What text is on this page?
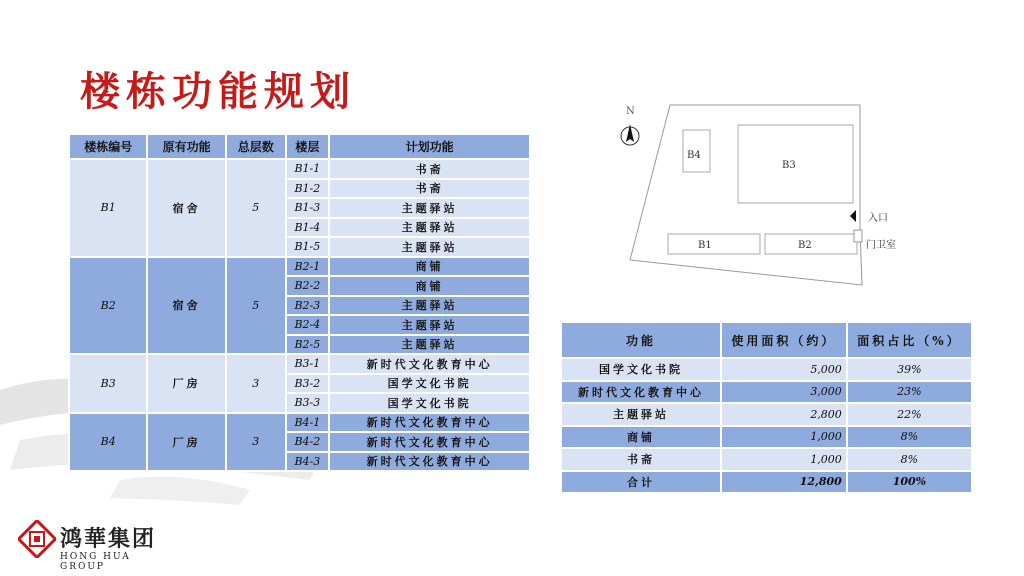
楼栋功能规划
楼栋编号	原有功能	总层数	楼层	计划功能
B1	宿舍	5	B1-1	书斋
			B1-2	书斋
			B1-3	主题驿站
			B1-4	主题驿站
			B1-5	主题驿站
B2	宿舍	5	B2-1	商铺
			B2-2	商铺
			B2-3	主题驿站
			B2-4	主题驿站
			B2-5	主题驿站
B3	厂房	3	B3-1	新时代文化教育中心
			B3-2	国学文化书院
			B3-3	国学文化书院
B4	厂房	3	B4-1	新时代文化教育中心
			B4-2	新时代文化教育中心
			B4-3	新时代文化教育中心
N
B4
B3
B1	B2
入口
门卫室
功能	使用面积（约）	面积占比（%）
国学文化书院	5,000	39%
新时代文化教育中心	3,000	23%
主题驿站	2,800	22%
商铺	1,000	8%
书斋	1,000	8%
合计	12,800	100%
鸿華集团
HONG HUA GROUP
